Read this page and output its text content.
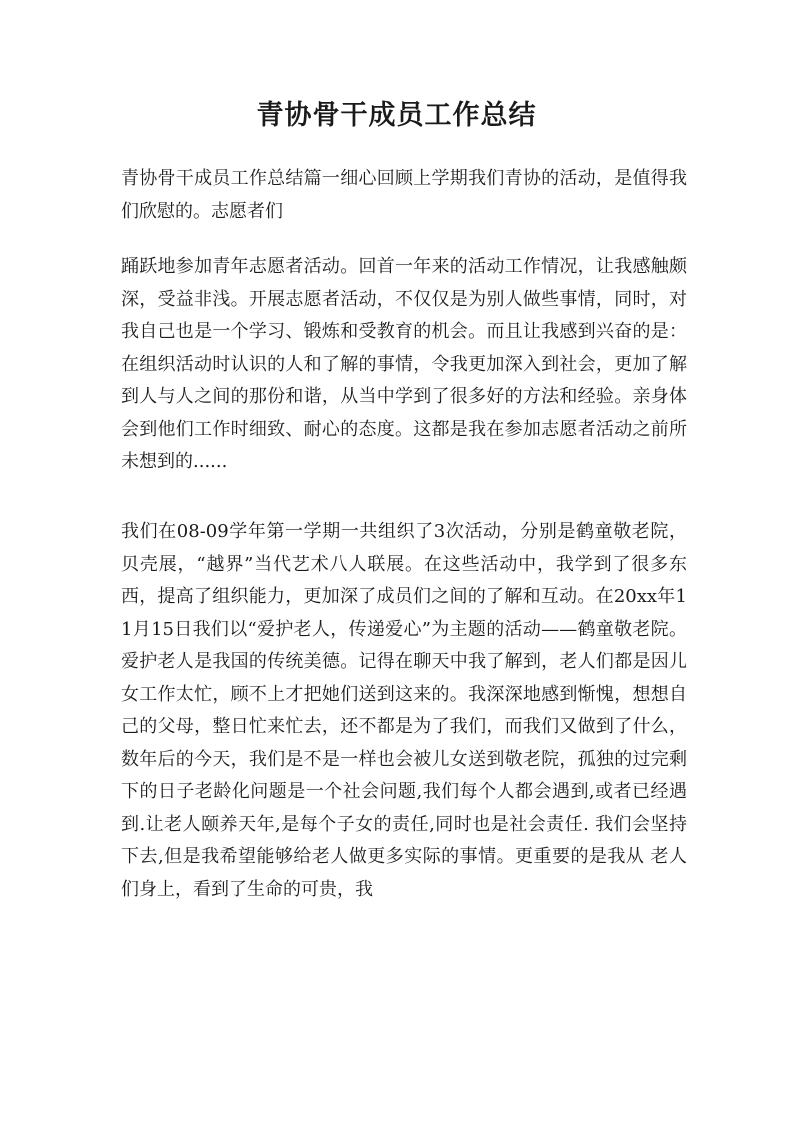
青协骨干成员工作总结

青协骨干成员工作总结篇一细心回顾上学期我们青协的活动，是值得我们欣慰的。志愿者们

踊跃地参加青年志愿者活动。回首一年来的活动工作情况，让我感触颇深，受益非浅。开展志愿者活动，不仅仅是为别人做些事情，同时，对我自己也是一个学习、锻炼和受教育的机会。而且让我感到兴奋的是：在组织活动时认识的人和了解的事情，令我更加深入到社会，更加了解到人与人之间的那份和谐，从当中学到了很多好的方法和经验。亲身体会到他们工作时细致、耐心的态度。这都是我在参加志愿者活动之前所未想到的......

我们在08-09学年第一学期一共组织了3次活动，分别是鹤童敬老院，贝壳展，“越界”当代艺术八人联展。在这些活动中，我学到了很多东西，提高了组织能力，更加深了成员们之间的了解和互动。在20xx年11月15日我们以“爱护老人，传递爱心”为主题的活动——鹤童敬老院。爱护老人是我国的传统美德。记得在聊天中我了解到，老人们都是因儿女工作太忙，顾不上才把她们送到这来的。我深深地感到惭愧，想想自己的父母，整日忙来忙去，还不都是为了我们，而我们又做到了什么，数年后的今天，我们是不是一样也会被儿女送到敬老院，孤独的过完剩下的日子老龄化问题是一个社会问题,我们每个人都会遇到,或者已经遇到.让老人颐养天年,是每个子女的责任,同时也是社会责任. 我们会坚持下去,但是我希望能够给老人做更多实际的事情。更重要的是我从 老人们身上，看到了生命的可贵，我
